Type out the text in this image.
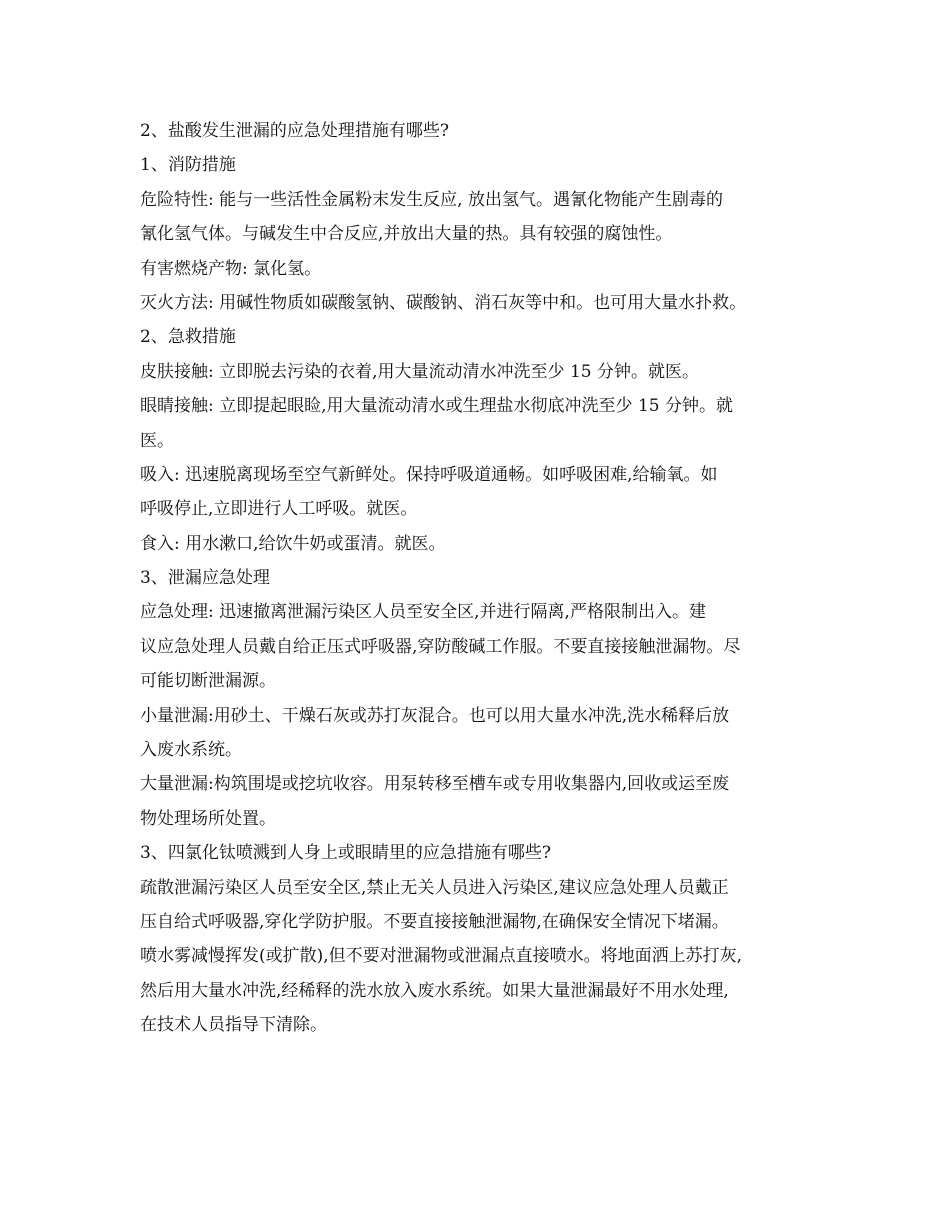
2、盐酸发生泄漏的应急处理措施有哪些?
1、消防措施
危险特性: 能与一些活性金属粉末发生反应, 放出氢气。遇氰化物能产生剧毒的
氰化氢气体。与碱发生中合反应,并放出大量的热。具有较强的腐蚀性。
有害燃烧产物: 氯化氢。
灭火方法: 用碱性物质如碳酸氢钠、碳酸钠、消石灰等中和。也可用大量水扑救。
2、急救措施
皮肤接触: 立即脱去污染的衣着,用大量流动清水冲洗至少 15 分钟。就医。
眼睛接触: 立即提起眼睑,用大量流动清水或生理盐水彻底冲洗至少 15 分钟。就
医。
吸入: 迅速脱离现场至空气新鲜处。保持呼吸道通畅。如呼吸困难,给输氧。如
呼吸停止,立即进行人工呼吸。就医。
食入: 用水漱口,给饮牛奶或蛋清。就医。
3、泄漏应急处理
应急处理: 迅速撤离泄漏污染区人员至安全区,并进行隔离,严格限制出入。建
议应急处理人员戴自给正压式呼吸器,穿防酸碱工作服。不要直接接触泄漏物。尽
可能切断泄漏源。
小量泄漏:用砂土、干燥石灰或苏打灰混合。也可以用大量水冲洗,洗水稀释后放
入废水系统。
大量泄漏:构筑围堤或挖坑收容。用泵转移至槽车或专用收集器内,回收或运至废
物处理场所处置。
3、四氯化钛喷溅到人身上或眼睛里的应急措施有哪些?
疏散泄漏污染区人员至安全区,禁止无关人员进入污染区,建议应急处理人员戴正
压自给式呼吸器,穿化学防护服。不要直接接触泄漏物,在确保安全情况下堵漏。
喷水雾减慢挥发(或扩散),但不要对泄漏物或泄漏点直接喷水。将地面洒上苏打灰,
然后用大量水冲洗,经稀释的洗水放入废水系统。如果大量泄漏最好不用水处理,
在技术人员指导下清除。
